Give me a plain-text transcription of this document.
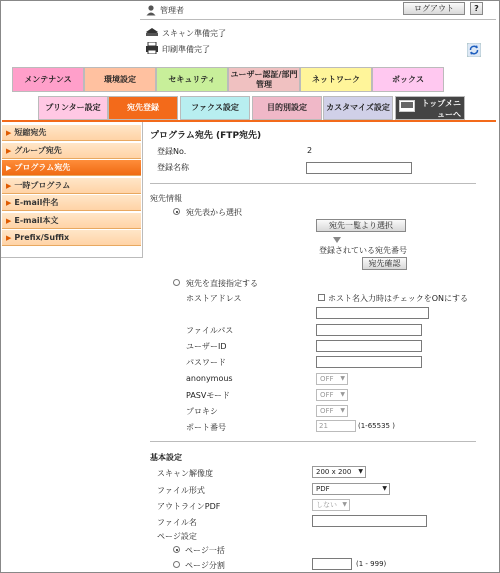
管理者	ログアウト	?
スキャン準備完了
印刷準備完了
メンテナンス	環境設定	セキュリティ
ユーザー認証/部門管理
ネットワーク	ボックス
プリンター設定	宛先登録	ファクス設定	目的別設定	カスタマイズ設定	トップメニューへ
▶ 短縮宛先
▶ グループ宛先
▶ プログラム宛先
▶ 一時プログラム
▶ E-mail件名
▶ E-mail本文
▶ Prefix/Suffix
プログラム宛先 (FTP宛先)
登録No.	2
登録名称
宛先情報
宛先表から選択
宛先一覧より選択
登録されている宛先番号
宛先確認
宛先を直接指定する
ホストアドレス	ホスト名入力時はチェックをONにする
ファイルパス
ユーザーID
パスワード
anonymous	OFF ▼
PASVモード	OFF ▼
プロキシ	OFF ▼
ポート番号	21	(1-65535 )
基本設定
スキャン解像度	200 x 200 ▼
ファイル形式	PDF	▼
アウトラインPDF	しない ▼
ファイル名
ページ設定
ページ一括
ページ分割	(1 - 999)
